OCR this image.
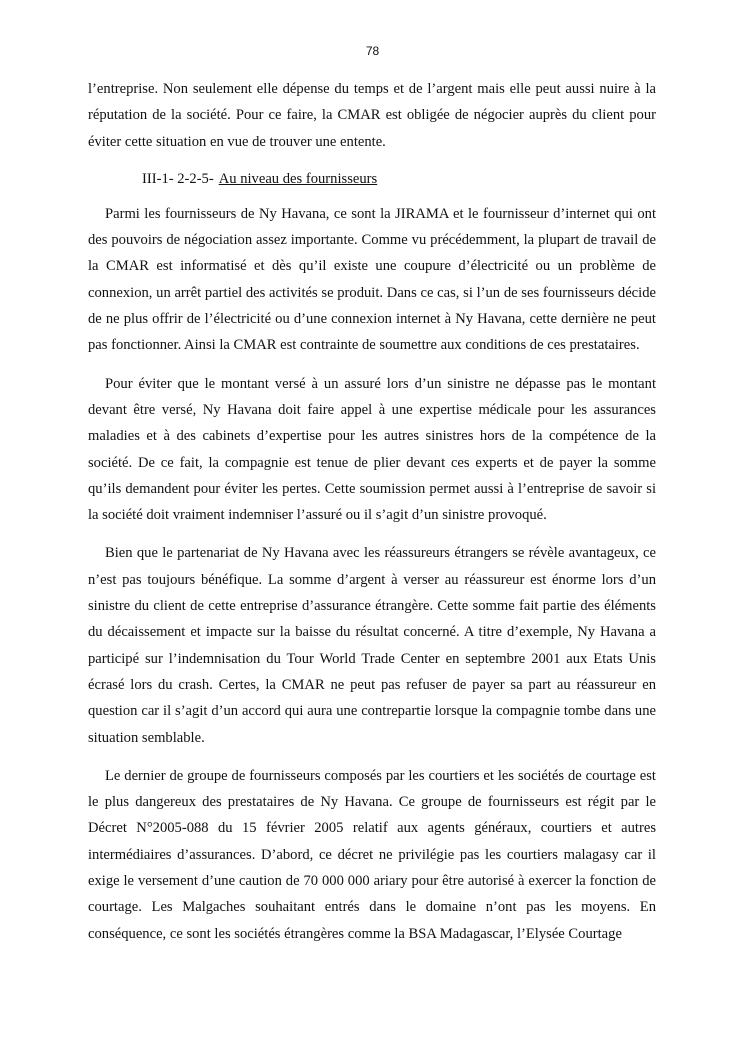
78

l’entreprise. Non seulement elle dépense du temps et de l’argent mais elle peut aussi nuire à la réputation de la société. Pour ce faire, la CMAR est obligée de négocier auprès du client pour éviter cette situation en vue de trouver une entente.

III-1- 2-2-5- Au niveau des fournisseurs

Parmi les fournisseurs de Ny Havana, ce sont la JIRAMA et le fournisseur d’internet qui ont des pouvoirs de négociation assez importante. Comme vu précédemment, la plupart de travail de la CMAR est informatisé et dès qu’il existe une coupure d’électricité ou un problème de connexion, un arrêt partiel des activités se produit. Dans ce cas, si l’un de ses fournisseurs décide de ne plus offrir de l’électricité ou d’une connexion internet à Ny Havana, cette dernière ne peut pas fonctionner. Ainsi la CMAR est contrainte de soumettre aux conditions de ces prestataires.

Pour éviter que le montant versé à un assuré lors d’un sinistre ne dépasse pas le montant devant être versé, Ny Havana doit faire appel à une expertise médicale pour les assurances maladies et à des cabinets d’expertise pour les autres sinistres hors de la compétence de la société. De ce fait, la compagnie est tenue de plier devant ces experts et de payer la somme qu’ils demandent pour éviter les pertes. Cette soumission permet aussi à l’entreprise de savoir si la société doit vraiment indemniser l’assuré ou il s’agit d’un sinistre provoqué.

Bien que le partenariat de Ny Havana avec les réassureurs étrangers se révèle avantageux, ce n’est pas toujours bénéfique. La somme d’argent à verser au réassureur est énorme lors d’un sinistre du client de cette entreprise d’assurance étrangère. Cette somme fait partie des éléments du décaissement et impacte sur la baisse du résultat concerné. A titre d’exemple, Ny Havana a participé sur l’indemnisation du Tour World Trade Center en septembre 2001 aux Etats Unis écrasé lors du crash. Certes, la CMAR ne peut pas refuser de payer sa part au réassureur en question car il s’agit d’un accord qui aura une contrepartie lorsque la compagnie tombe dans une situation semblable.

Le dernier de groupe de fournisseurs composés par les courtiers et les sociétés de courtage est le plus dangereux des prestataires de Ny Havana. Ce groupe de fournisseurs est régit par le Décret N°2005-088 du 15 février 2005 relatif aux agents généraux, courtiers et autres intermédiaires d’assurances. D’abord, ce décret ne privilégie pas les courtiers malagasy car il exige le versement d’une caution de 70 000 000 ariary pour être autorisé à exercer la fonction de courtage. Les Malgaches souhaitant entrés dans le domaine n’ont pas les moyens. En conséquence, ce sont les sociétés étrangères comme la BSA Madagascar, l’Elysée Courtage
